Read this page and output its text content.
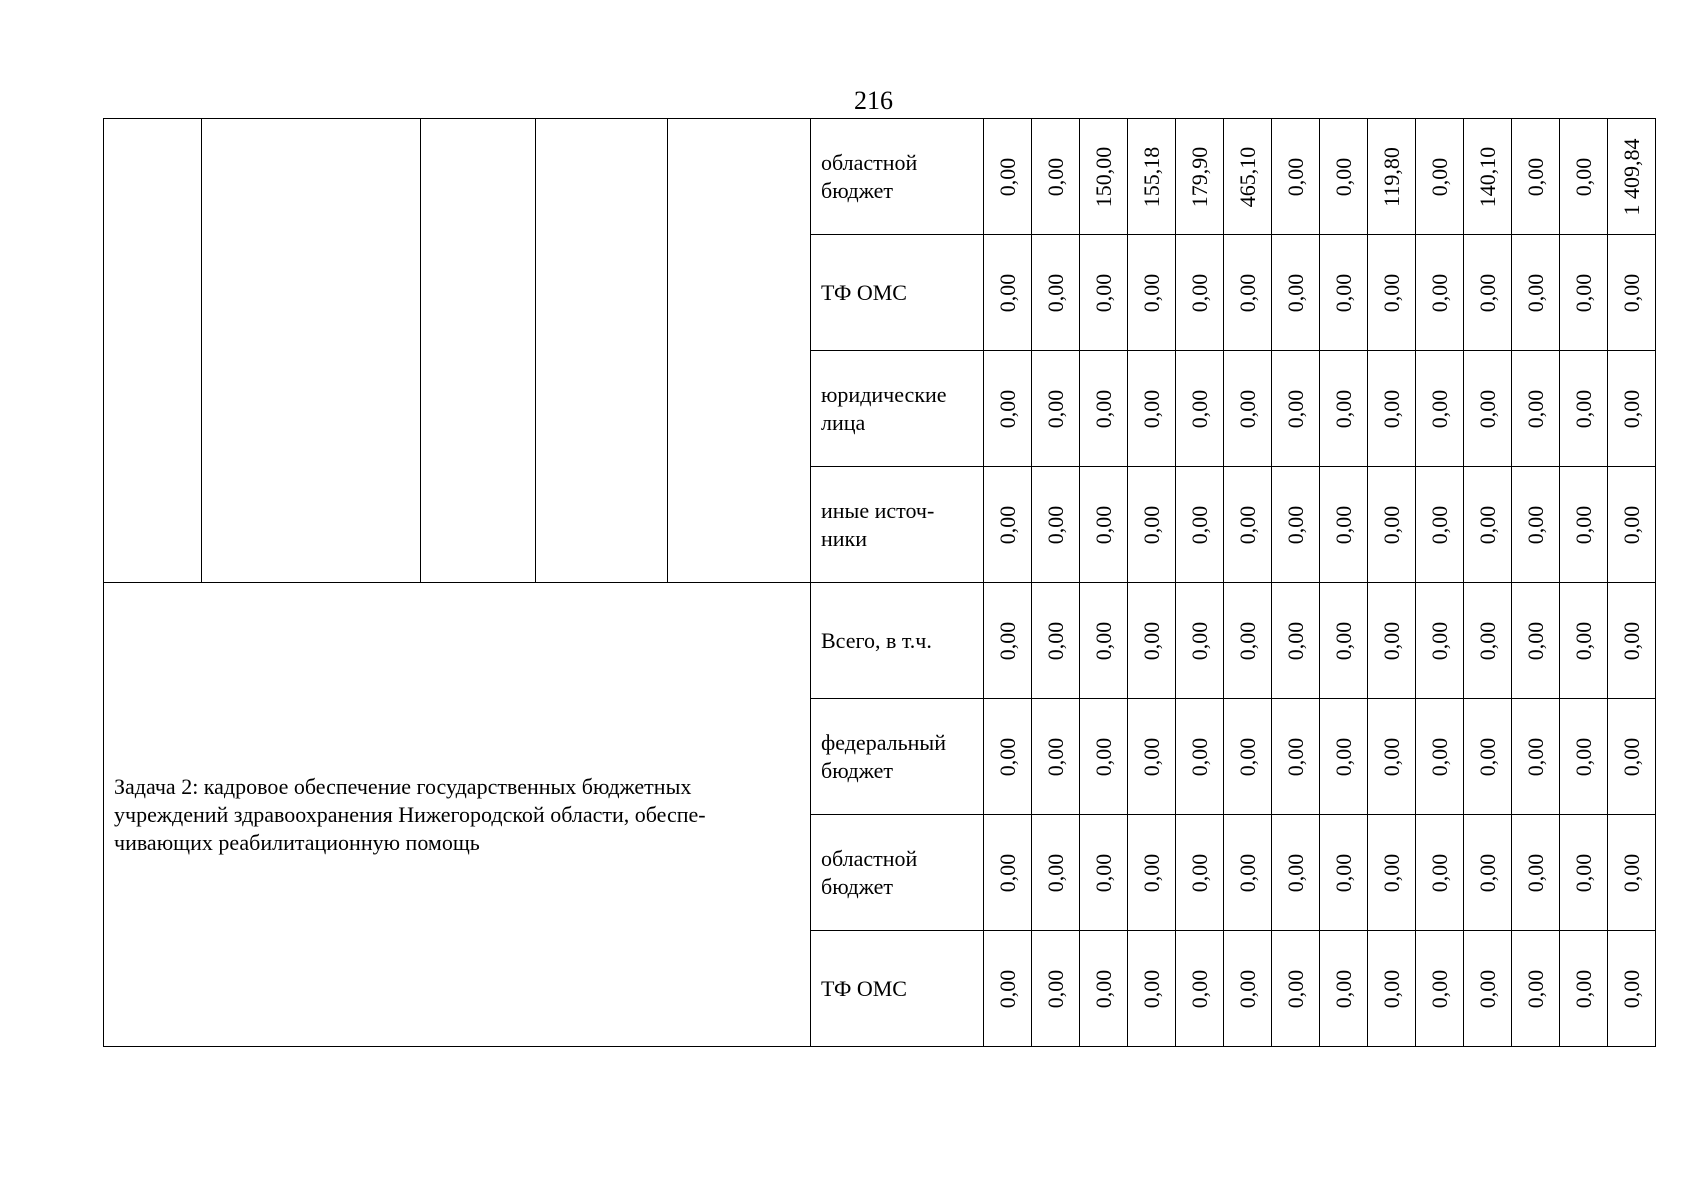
216
					областной бюджет	0,00	0,00	150,00	155,18	179,90	465,10	0,00	0,00	119,80	0,00	140,10	0,00	0,00	1 409,84

					ТФ ОМС	0,00	0,00	0,00	0,00	0,00	0,00	0,00	0,00	0,00	0,00	0,00	0,00	0,00	0,00

					юридические лица	0,00	0,00	0,00	0,00	0,00	0,00	0,00	0,00	0,00	0,00	0,00	0,00	0,00	0,00

					иные источ-ники	0,00	0,00	0,00	0,00	0,00	0,00	0,00	0,00	0,00	0,00	0,00	0,00	0,00	0,00

Задача 2: кадровое обеспечение государственных бюджетных учреждений здравоохранения Нижегородской области, обеспе-чивающих реабилитационную помощь					Всего, в т.ч.	0,00	0,00	0,00	0,00	0,00	0,00	0,00	0,00	0,00	0,00	0,00	0,00	0,00	0,00

					федеральный бюджет	0,00	0,00	0,00	0,00	0,00	0,00	0,00	0,00	0,00	0,00	0,00	0,00	0,00	0,00

					областной бюджет	0,00	0,00	0,00	0,00	0,00	0,00	0,00	0,00	0,00	0,00	0,00	0,00	0,00	0,00

					ТФ ОМС	0,00	0,00	0,00	0,00	0,00	0,00	0,00	0,00	0,00	0,00	0,00	0,00	0,00	0,00
